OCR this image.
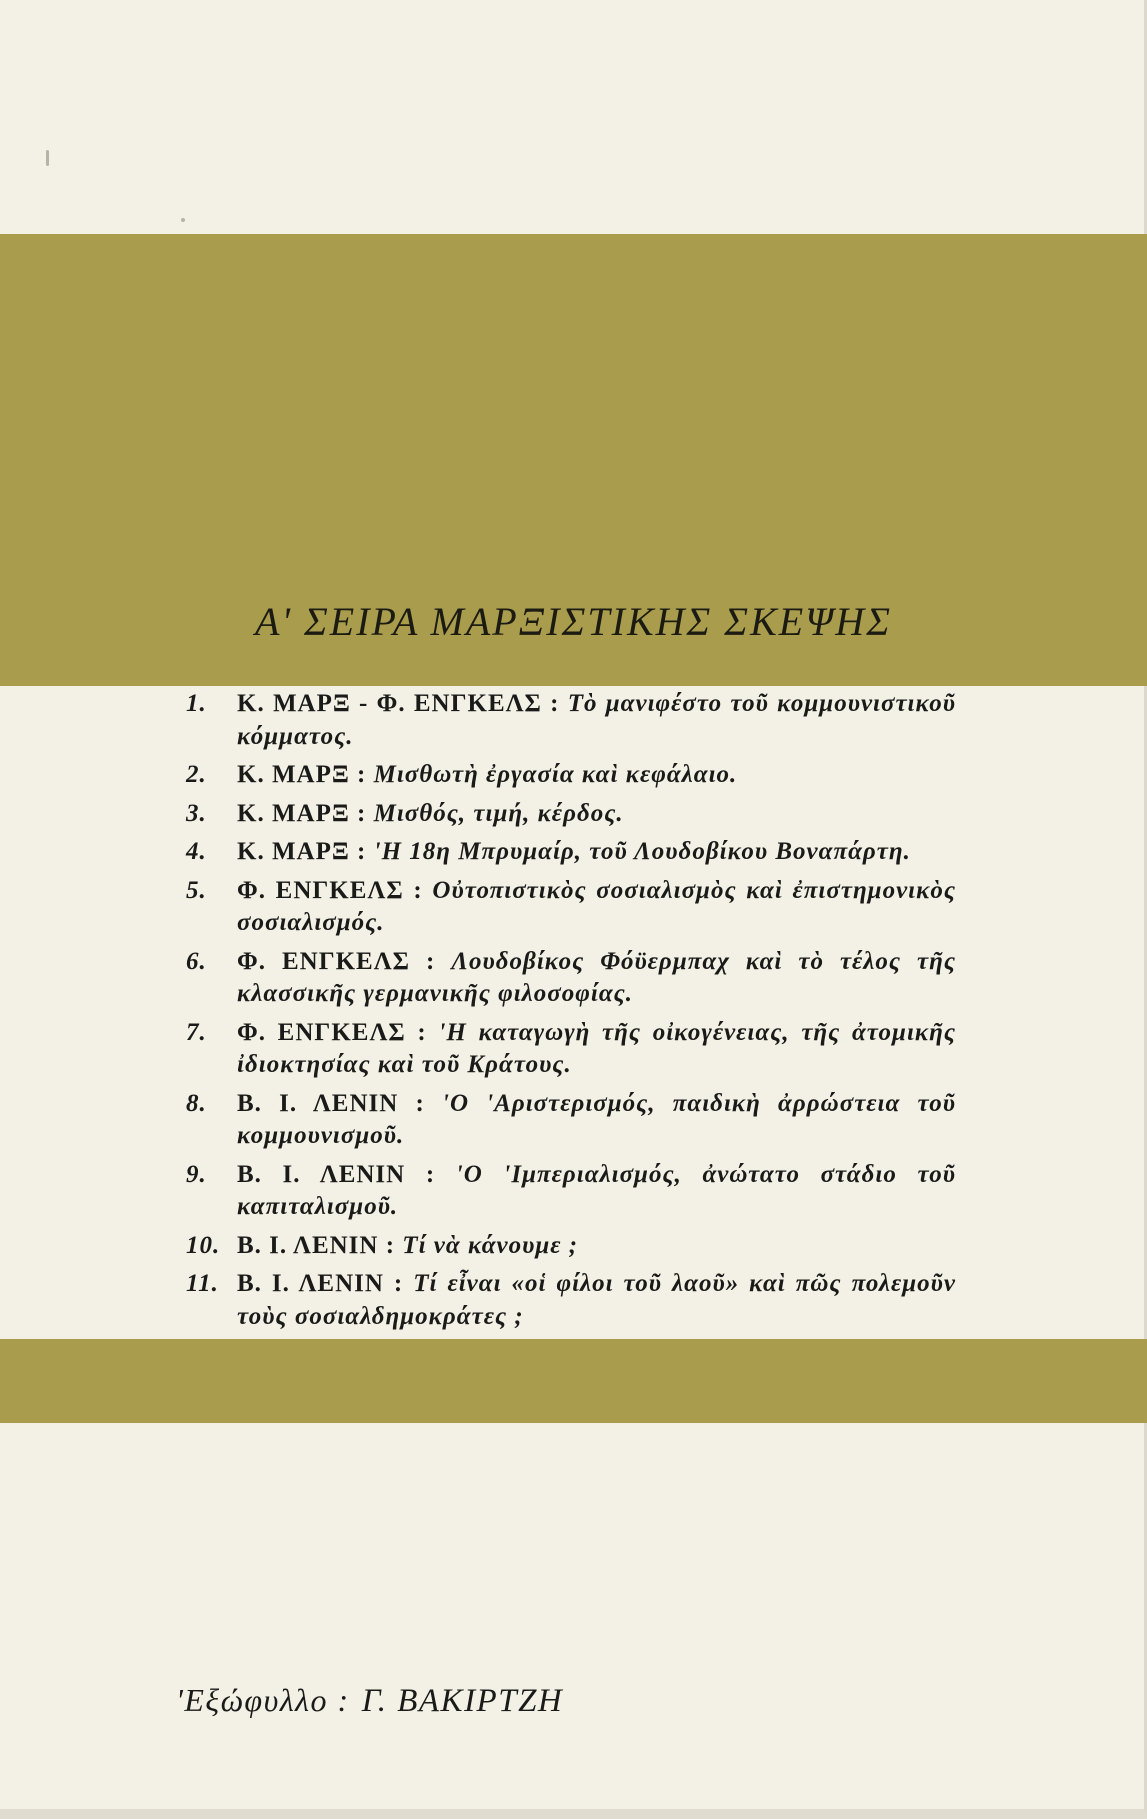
Α' ΣΕΙΡΑ ΜΑΡΞΙΣΤΙΚΗΣ ΣΚΕΨΗΣ
1.	Κ. ΜΑΡΞ - Φ. ΕΝΓΚΕΛΣ : Τὸ μανιφέστο τοῦ κομμουνιστικοῦ κόμματος.
2.	Κ. ΜΑΡΞ : Μισθωτὴ ἐργασία καὶ κεφάλαιο.
3.	Κ. ΜΑΡΞ : Μισθός, τιμή, κέρδος.
4.	Κ. ΜΑΡΞ : 'Η 18η Μπρυμαίρ, τοῦ Λουδοβίκου Βοναπάρτη.
5.	Φ. ΕΝΓΚΕΛΣ : Οὐτοπιστικὸς σοσιαλισμὸς καὶ ἐπιστημονικὸς σοσιαλισμός.
6.	Φ. ΕΝΓΚΕΛΣ : Λουδοβίκος Φόϋερμπαχ καὶ τὸ τέλος τῆς κλασσικῆς γερμανικῆς φιλοσοφίας.
7.	Φ. ΕΝΓΚΕΛΣ : 'Η καταγωγὴ τῆς οἰκογένειας, τῆς ἀτομικῆς ἰδιοκτησίας καὶ τοῦ Κράτους.
8.	Β. Ι. ΛΕΝΙΝ : 'Ο 'Αριστερισμός, παιδικὴ ἀρρώστεια τοῦ κομμουνισμοῦ.
9.	Β. Ι. ΛΕΝΙΝ : 'Ο 'Ιμπεριαλισμός, ἀνώτατο στάδιο τοῦ καπιταλισμοῦ.
10. Β. Ι. ΛΕΝΙΝ : Τί νὰ κάνουμε ;
11. Β. Ι. ΛΕΝΙΝ : Τί εἶναι «οἱ φίλοι τοῦ λαοῦ» καὶ πῶς πολεμοῦν τοὺς σοσιαλδημοκράτες ;
'Εξώφυλλο : Γ. ΒΑΚΙΡΤΖΗ
